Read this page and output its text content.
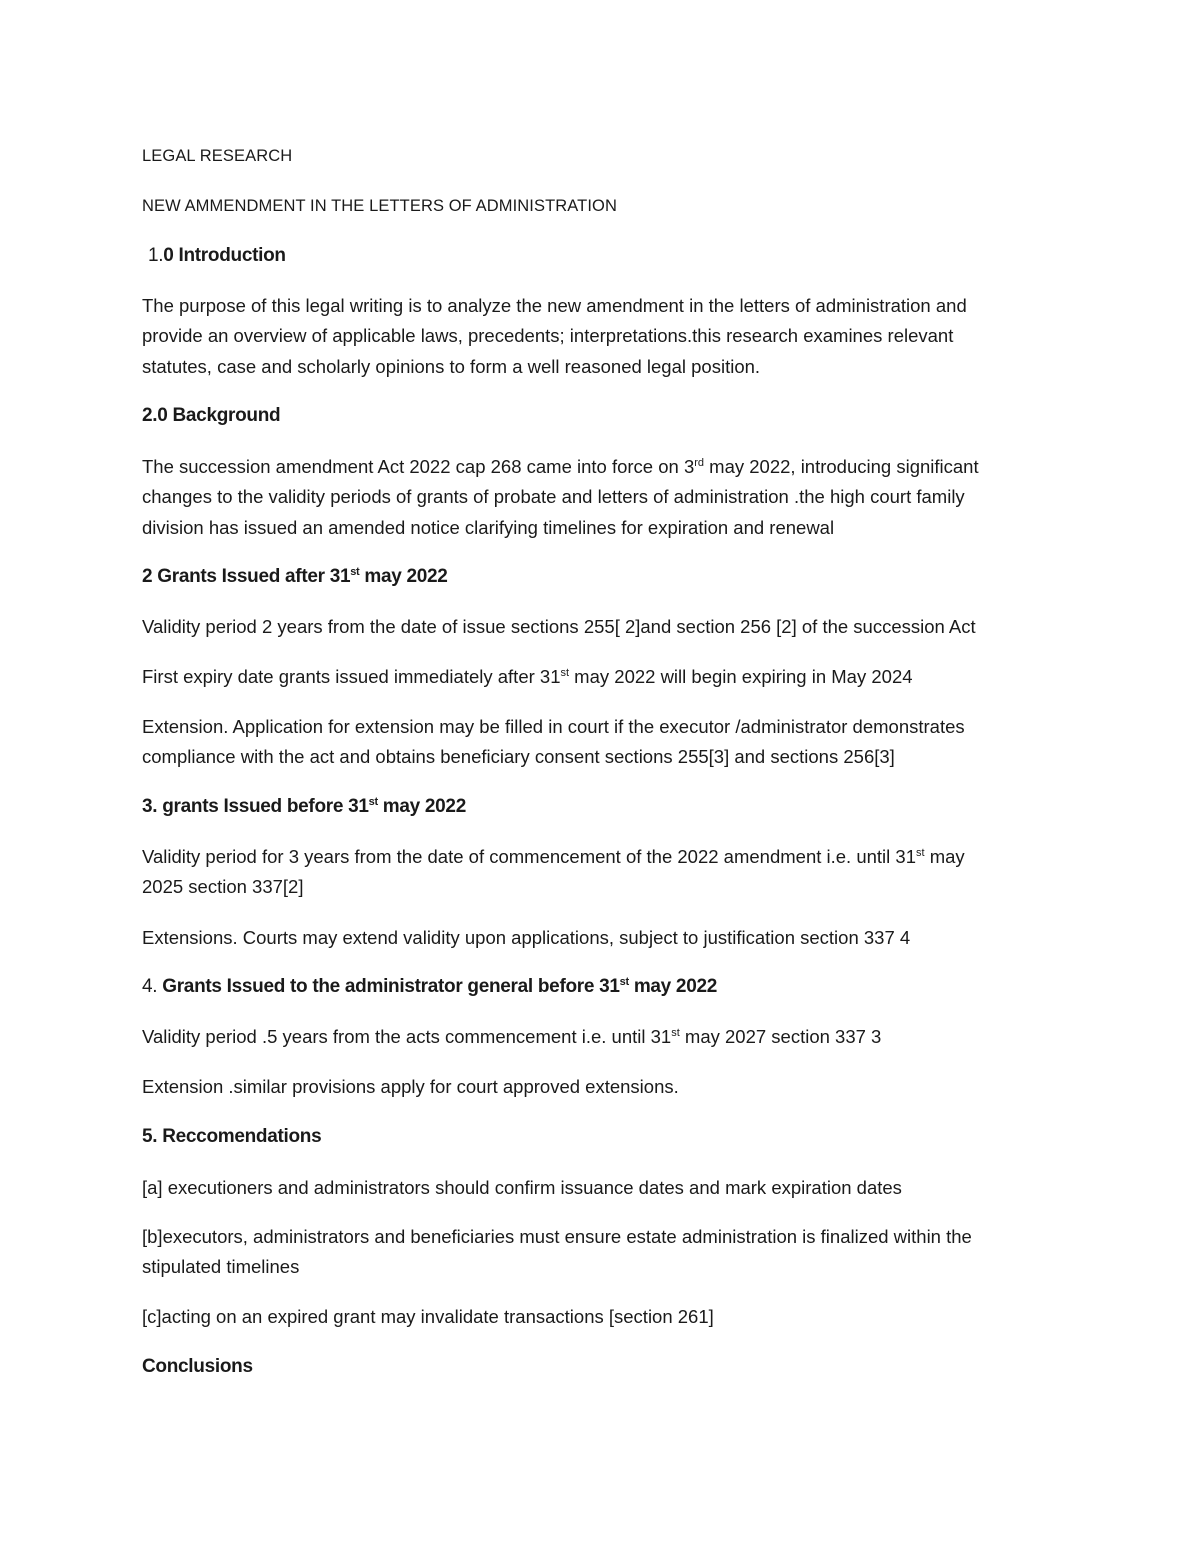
LEGAL RESEARCH
NEW AMMENDMENT IN THE LETTERS OF ADMINISTRATION
1.0 Introduction
The purpose of this legal writing is to analyze the new amendment in the letters of administration and
provide an overview of applicable laws, precedents; interpretations.this research examines relevant
statutes, case and scholarly opinions to form a well reasoned legal position.
2.0 Background
The succession amendment Act 2022 cap 268 came into force on 3rd may 2022, introducing significant
changes to the validity periods of grants of probate and letters of administration .the high court family
division has issued an amended notice clarifying timelines for expiration and renewal
2 Grants Issued after 31st may 2022
Validity period 2 years from the date of issue sections 255[ 2]and section 256 [2] of the succession Act
First expiry date grants issued immediately after 31st may 2022 will begin expiring in May 2024
Extension. Application for extension may be filled in court if the executor /administrator demonstrates
compliance with the act and obtains beneficiary consent sections 255[3] and sections 256[3]
3. grants Issued before 31st may 2022
Validity period for 3 years from the date of commencement of the 2022 amendment i.e. until 31st may
2025 section 337[2]
Extensions. Courts may extend validity upon applications, subject to justification section 337 4
4. Grants Issued to the administrator general before 31st may 2022
Validity period .5 years from the acts commencement i.e. until 31st may 2027 section 337 3
Extension .similar provisions apply for court approved extensions.
5. Reccomendations
[a] executioners and administrators should confirm issuance dates and mark expiration dates
[b]executors, administrators and beneficiaries must ensure estate administration is finalized within the
stipulated timelines
[c]acting on an expired grant may invalidate transactions [section 261]
Conclusions
